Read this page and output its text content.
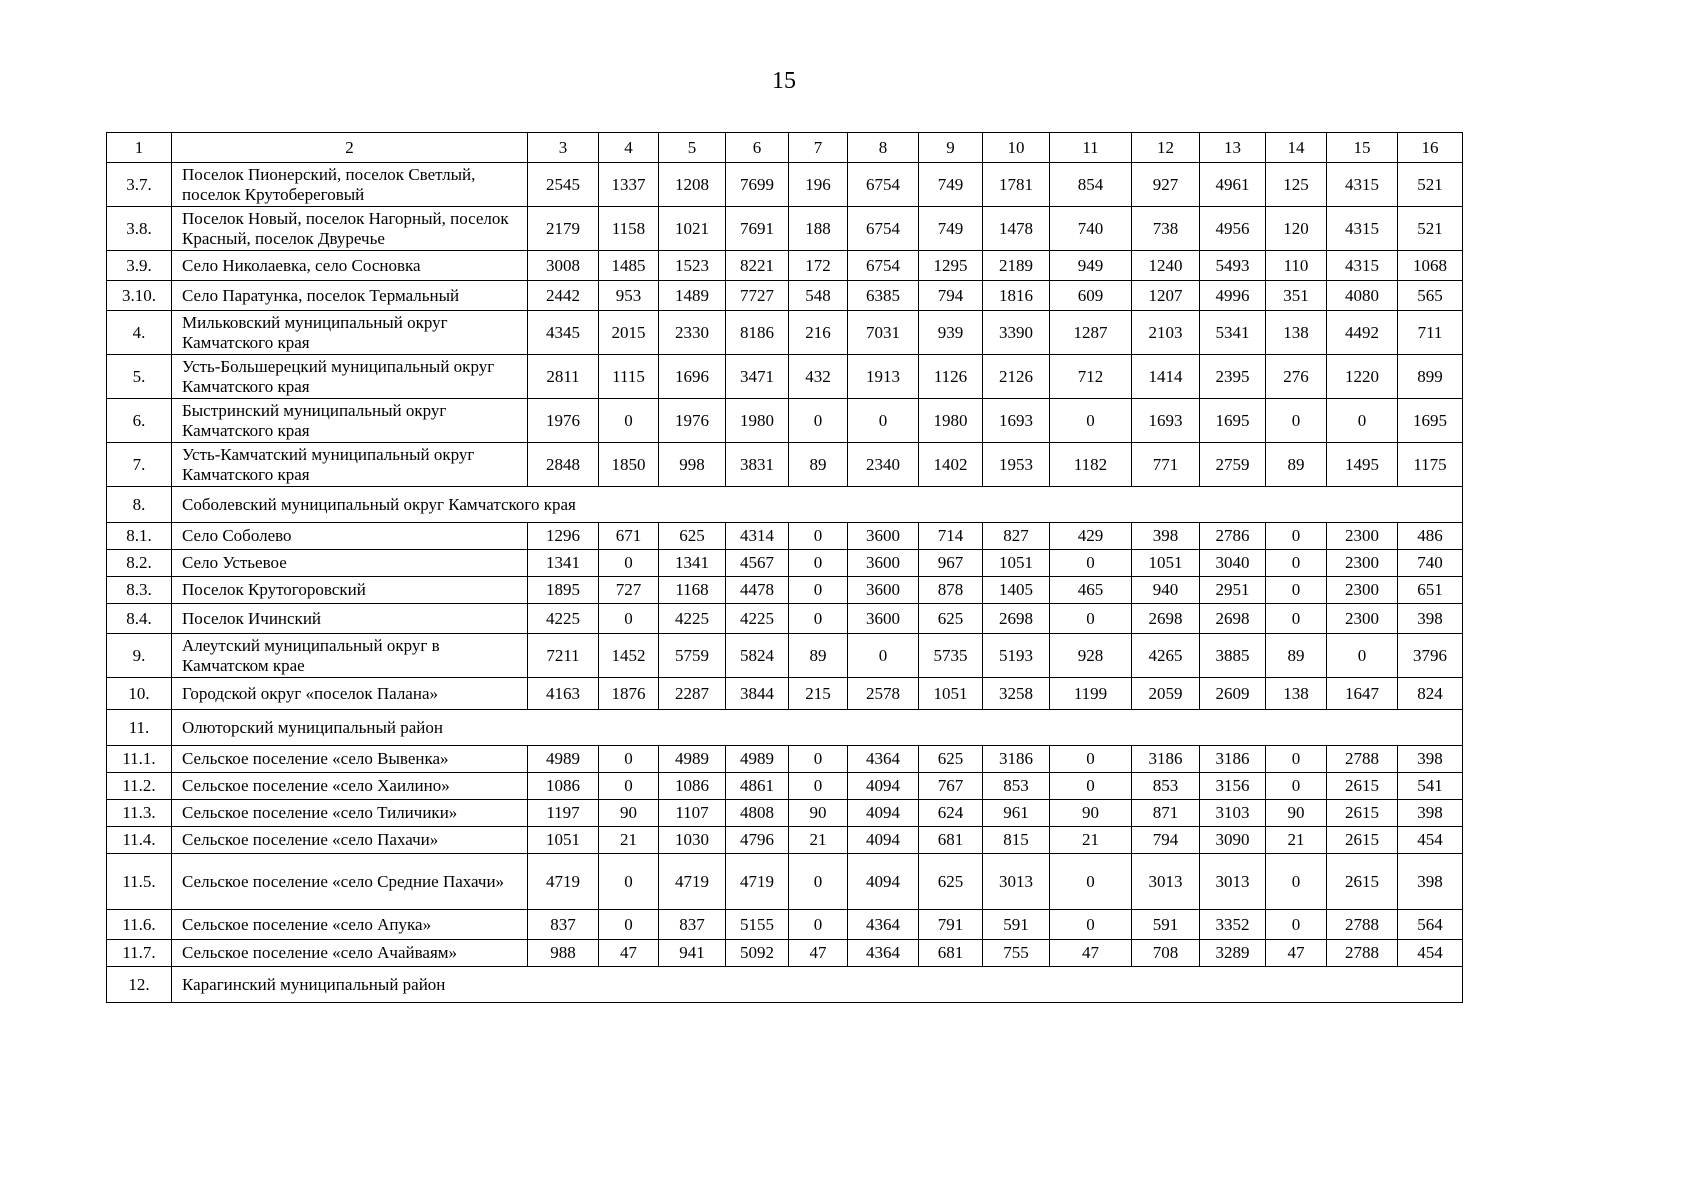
15
1	2	3	4	5	6	7	8	9	10	11	12	13	14	15	16
3.7.	Поселок Пионерский, поселок Светлый, поселок Крутобереговый	2545	1337	1208	7699	196	6754	749	1781	854	927	4961	125	4315	521
3.8.	Поселок Новый, поселок Нагорный, поселок Красный, поселок Двуречье	2179	1158	1021	7691	188	6754	749	1478	740	738	4956	120	4315	521
3.9.	Село Николаевка, село Сосновка	3008	1485	1523	8221	172	6754	1295	2189	949	1240	5493	110	4315	1068
3.10.	Село Паратунка, поселок Термальный	2442	953	1489	7727	548	6385	794	1816	609	1207	4996	351	4080	565
4.	Мильковский муниципальный округ Камчатского края	4345	2015	2330	8186	216	7031	939	3390	1287	2103	5341	138	4492	711
5.	Усть-Большерецкий муниципальный округ Камчатского края	2811	1115	1696	3471	432	1913	1126	2126	712	1414	2395	276	1220	899
6.	Быстринский муниципальный округ Камчатского края	1976	0	1976	1980	0	0	1980	1693	0	1693	1695	0	0	1695
7.	Усть-Камчатский муниципальный округ Камчатского края	2848	1850	998	3831	89	2340	1402	1953	1182	771	2759	89	1495	1175
8.	Соболевский муниципальный округ Камчатского края														
8.1.	Село Соболево	1296	671	625	4314	0	3600	714	827	429	398	2786	0	2300	486
8.2.	Село Устьевое	1341	0	1341	4567	0	3600	967	1051	0	1051	3040	0	2300	740
8.3.	Поселок Крутогоровский	1895	727	1168	4478	0	3600	878	1405	465	940	2951	0	2300	651
8.4.	Поселок Ичинский	4225	0	4225	4225	0	3600	625	2698	0	2698	2698	0	2300	398
9.	Алеутский муниципальный округ в Камчатском крае	7211	1452	5759	5824	89	0	5735	5193	928	4265	3885	89	0	3796
10.	Городской округ «поселок Палана»	4163	1876	2287	3844	215	2578	1051	3258	1199	2059	2609	138	1647	824
11.	Олюторский муниципальный район														
11.1.	Сельское поселение «село Вывенка»	4989	0	4989	4989	0	4364	625	3186	0	3186	3186	0	2788	398
11.2.	Сельское поселение «село Хаилино»	1086	0	1086	4861	0	4094	767	853	0	853	3156	0	2615	541
11.3.	Сельское поселение «село Тиличики»	1197	90	1107	4808	90	4094	624	961	90	871	3103	90	2615	398
11.4.	Сельское поселение «село Пахачи»	1051	21	1030	4796	21	4094	681	815	21	794	3090	21	2615	454
11.5.	Сельское поселение «село Средние Пахачи»	4719	0	4719	4719	0	4094	625	3013	0	3013	3013	0	2615	398
11.6.	Сельское поселение «село Апука»	837	0	837	5155	0	4364	791	591	0	591	3352	0	2788	564
11.7.	Сельское поселение «село Ачайваям»	988	47	941	5092	47	4364	681	755	47	708	3289	47	2788	454
12.	Карагинский муниципальный район														
